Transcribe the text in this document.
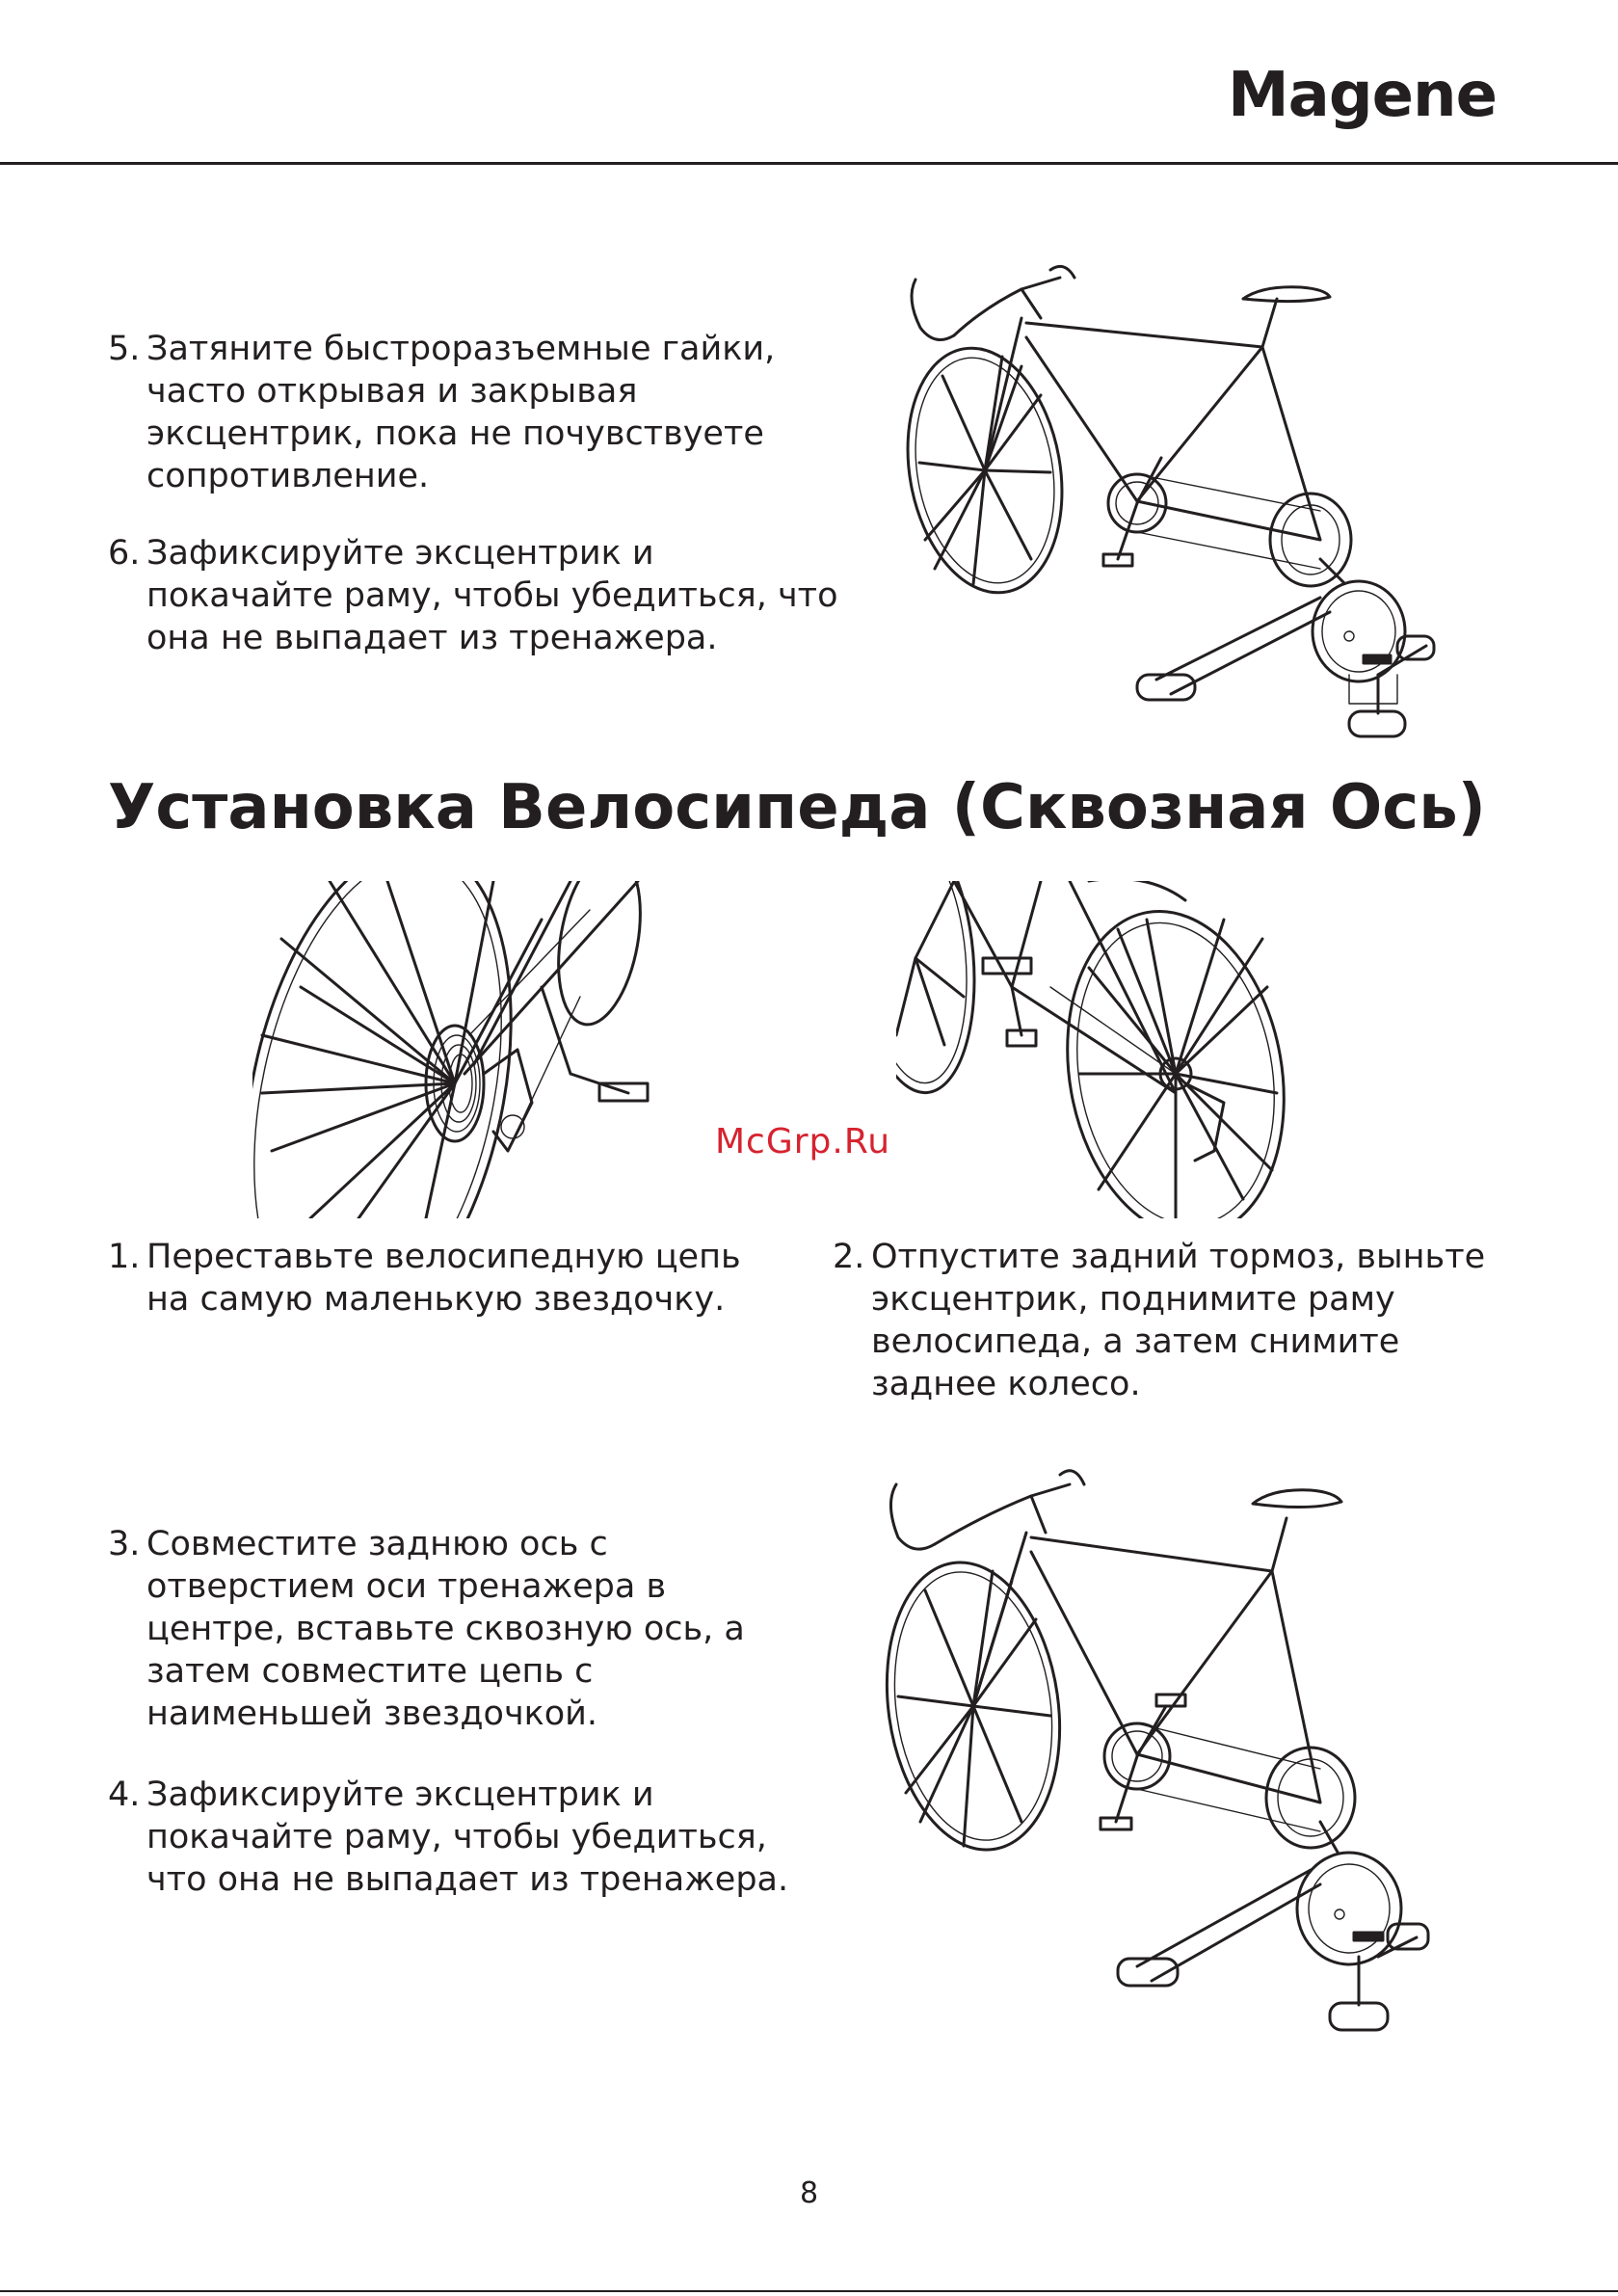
Magene
5. Затяните быстроразъемные гайки,
часто открывая и закрывая
эксцентрик, пока не почувствуете
сопротивление.
6. Зафиксируйте эксцентрик и
покачайте раму, чтобы убедиться, что
она не выпадает из тренажера.
Установка Велосипеда (Сквозная Ось)
McGrp.Ru
1. Переставьте велосипедную цепь
на самую маленькую звездочку.
2. Отпустите задний тормоз, выньте
эксцентрик, поднимите раму
велосипеда, а затем снимите
заднее колесо.
3. Совместите заднюю ось с
отверстием оси тренажера в
центре, вставьте сквозную ось, а
затем совместите цепь с
наименьшей звездочкой.
4. Зафиксируйте эксцентрик и
покачайте раму, чтобы убедиться,
что она не выпадает из тренажера.
8
